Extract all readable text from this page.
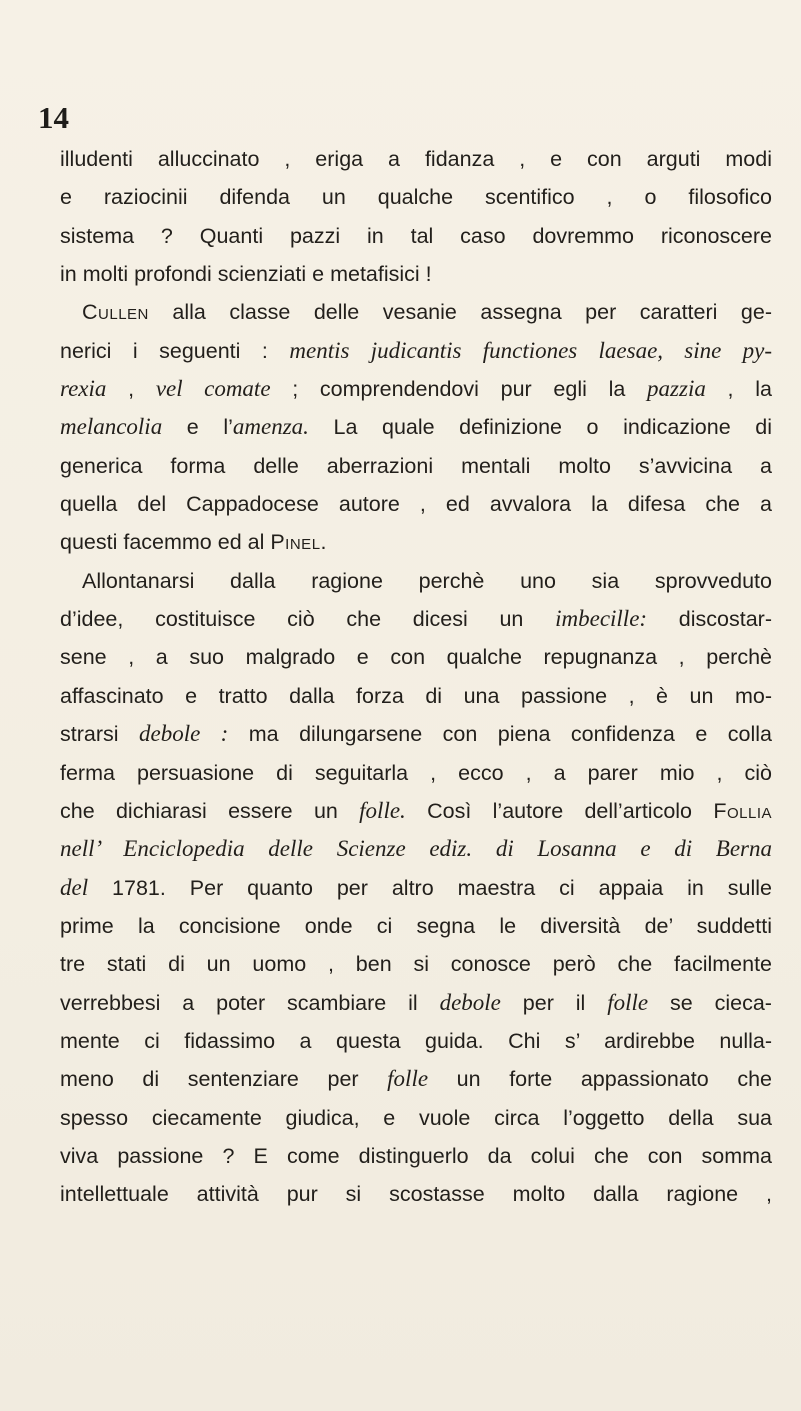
14

illudenti alluccinato , eriga a fidanza , e con arguti modi
e raziocinii difenda un qualche scentifico , o filosofico
sistema ? Quanti pazzi in tal caso dovremmo riconoscere
in molti profondi scienziati e metafisici !
Cullen alla classe delle vesanie assegna per caratteri ge-
nerici i seguenti : mentis judicantis functiones laesae, sine py-
rexia , vel comate ; comprendendovi pur egli la pazzia , la
melancolia e l’amenza. La quale definizione o indicazione di
generica forma delle aberrazioni mentali molto s’avvicina a
quella del Cappadocese autore , ed avvalora la difesa che a
questi facemmo ed al Pinel.
Allontanarsi dalla ragione perchè uno sia sprovveduto
d’idee, costituisce ciò che dicesi un imbecille: discostar-
sene , a suo malgrado e con qualche repugnanza , perchè
affascinato e tratto dalla forza di una passione , è un mo-
strarsi debole : ma dilungarsene con piena confidenza e colla
ferma persuasione di seguitarla , ecco , a parer mio , ciò
che dichiarasi essere un folle. Così l’autore dell’articolo Follia
nell’ Enciclopedia delle Scienze ediz. di Losanna e di Berna
del 1781. Per quanto per altro maestra ci appaia in sulle
prime la concisione onde ci segna le diversità de’ suddetti
tre stati di un uomo , ben si conosce però che facilmente
verrebbesi a poter scambiare il debole per il folle se cieca-
mente ci fidassimo a questa guida. Chi s’ ardirebbe nulla-
meno di sentenziare per folle un forte appassionato che
spesso ciecamente giudica, e vuole circa l’oggetto della sua
viva passione ? E come distinguerlo da colui che con somma
intellettuale attività pur si scostasse molto dalla ragione ,
